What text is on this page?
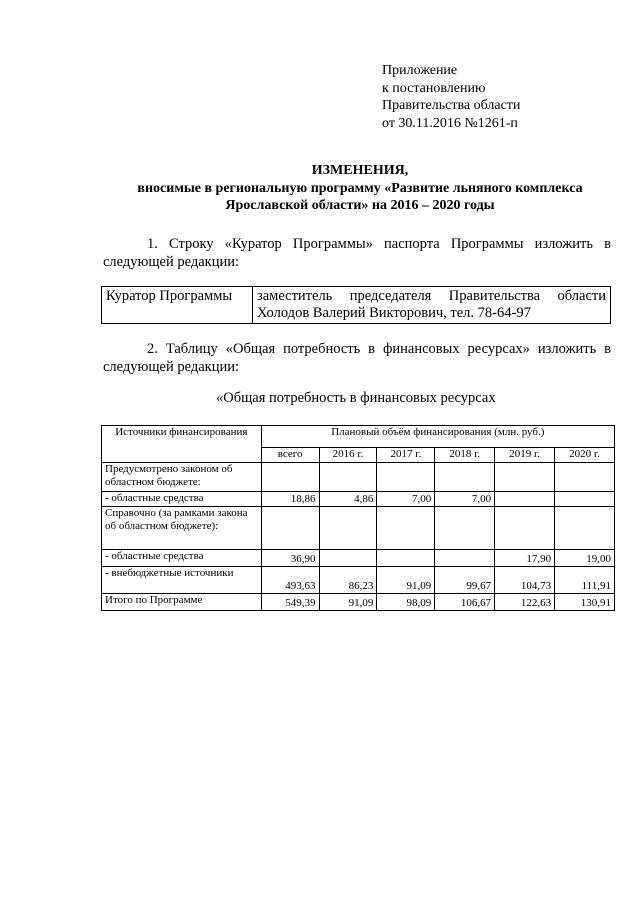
Приложение
к постановлению
Правительства области
от 30.11.2016 №1261-п
ИЗМЕНЕНИЯ,
вносимые в региональную программу «Развитие льняного комплекса
Ярославской области» на 2016 – 2020 годы
1. Строку «Куратор Программы» паспорта Программы изложить в
следующей редакции:
Куратор Программы	заместитель председателя Правительства области
Холодов Валерий Викторович, тел. 78-64-97
2. Таблицу «Общая потребность в финансовых ресурсах» изложить в
следующей редакции:
«Общая потребность в финансовых ресурсах
Источники финансирования	Плановый объём финансирования (млн. руб.)					
	всего	2016 г.	2017 г.	2018 г.	2019 г.	2020 г.
Предусмотрено законом об областном бюджете:						
- областные средства	18,86	4,86	7,00	7,00		
Справочно (за рамками закона об областном бюджете):						
- областные средства	36,90				17,90	19,00
- внебюджетные источники	493,63	86,23	91,09	99,67	104,73	111,91
Итого по Программе	549,39	91,09	98,09	106,67	122,63	130,91
